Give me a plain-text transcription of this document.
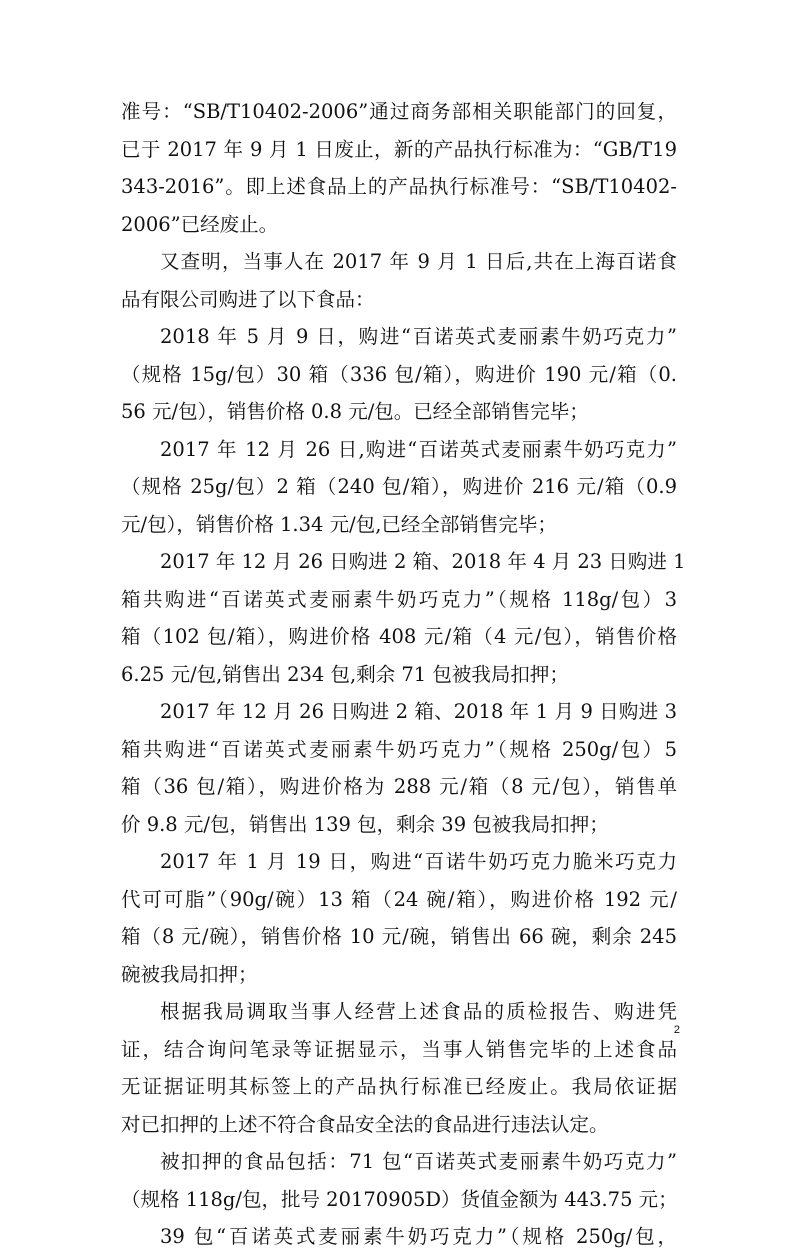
准号：“SB/T10402-2006”通过商务部相关职能部门的回复，
已于 2017 年 9 月 1 日废止，新的产品执行标准为：“GB/T19
343-2016”。即上述食品上的产品执行标准号：“SB/T10402-
2006”已经废止。
又查明，当事人在 2017 年 9 月 1 日后,共在上海百诺食
品有限公司购进了以下食品：
2018 年 5 月 9 日，购进“百诺英式麦丽素牛奶巧克力”
（规格 15g/包）30 箱（336 包/箱），购进价 190 元/箱（0.
56 元/包），销售价格 0.8 元/包。已经全部销售完毕；
2017 年 12 月 26 日,购进“百诺英式麦丽素牛奶巧克力”
（规格 25g/包）2 箱（240 包/箱），购进价 216 元/箱（0.9
元/包），销售价格 1.34 元/包,已经全部销售完毕；
2017 年 12 月 26 日购进 2 箱、2018 年 4 月 23 日购进 1
箱共购进“百诺英式麦丽素牛奶巧克力”（规格 118g/包）3
箱（102 包/箱），购进价格 408 元/箱（4 元/包），销售价格
6.25 元/包,销售出 234 包,剩余 71 包被我局扣押；
2017 年 12 月 26 日购进 2 箱、2018 年 1 月 9 日购进 3
箱共购进“百诺英式麦丽素牛奶巧克力”（规格 250g/包）5
箱（36 包/箱），购进价格为 288 元/箱（8 元/包），销售单
价 9.8 元/包，销售出 139 包，剩余 39 包被我局扣押；
2017 年 1 月 19 日，购进“百诺牛奶巧克力脆米巧克力
代可可脂”（90g/碗）13 箱（24 碗/箱），购进价格 192 元/
箱（8 元/碗），销售价格 10 元/碗，销售出 66 碗，剩余 245
碗被我局扣押；
根据我局调取当事人经营上述食品的质检报告、购进凭
证，结合询问笔录等证据显示，当事人销售完毕的上述食品
无证据证明其标签上的产品执行标准已经废止。我局依证据
对已扣押的上述不符合食品安全法的食品进行违法认定。
被扣押的食品包括：71 包“百诺英式麦丽素牛奶巧克力”
（规格 118g/包，批号 20170905D）货值金额为 443.75 元；
39 包“百诺英式麦丽素牛奶巧克力”（规格 250g/包，
2
